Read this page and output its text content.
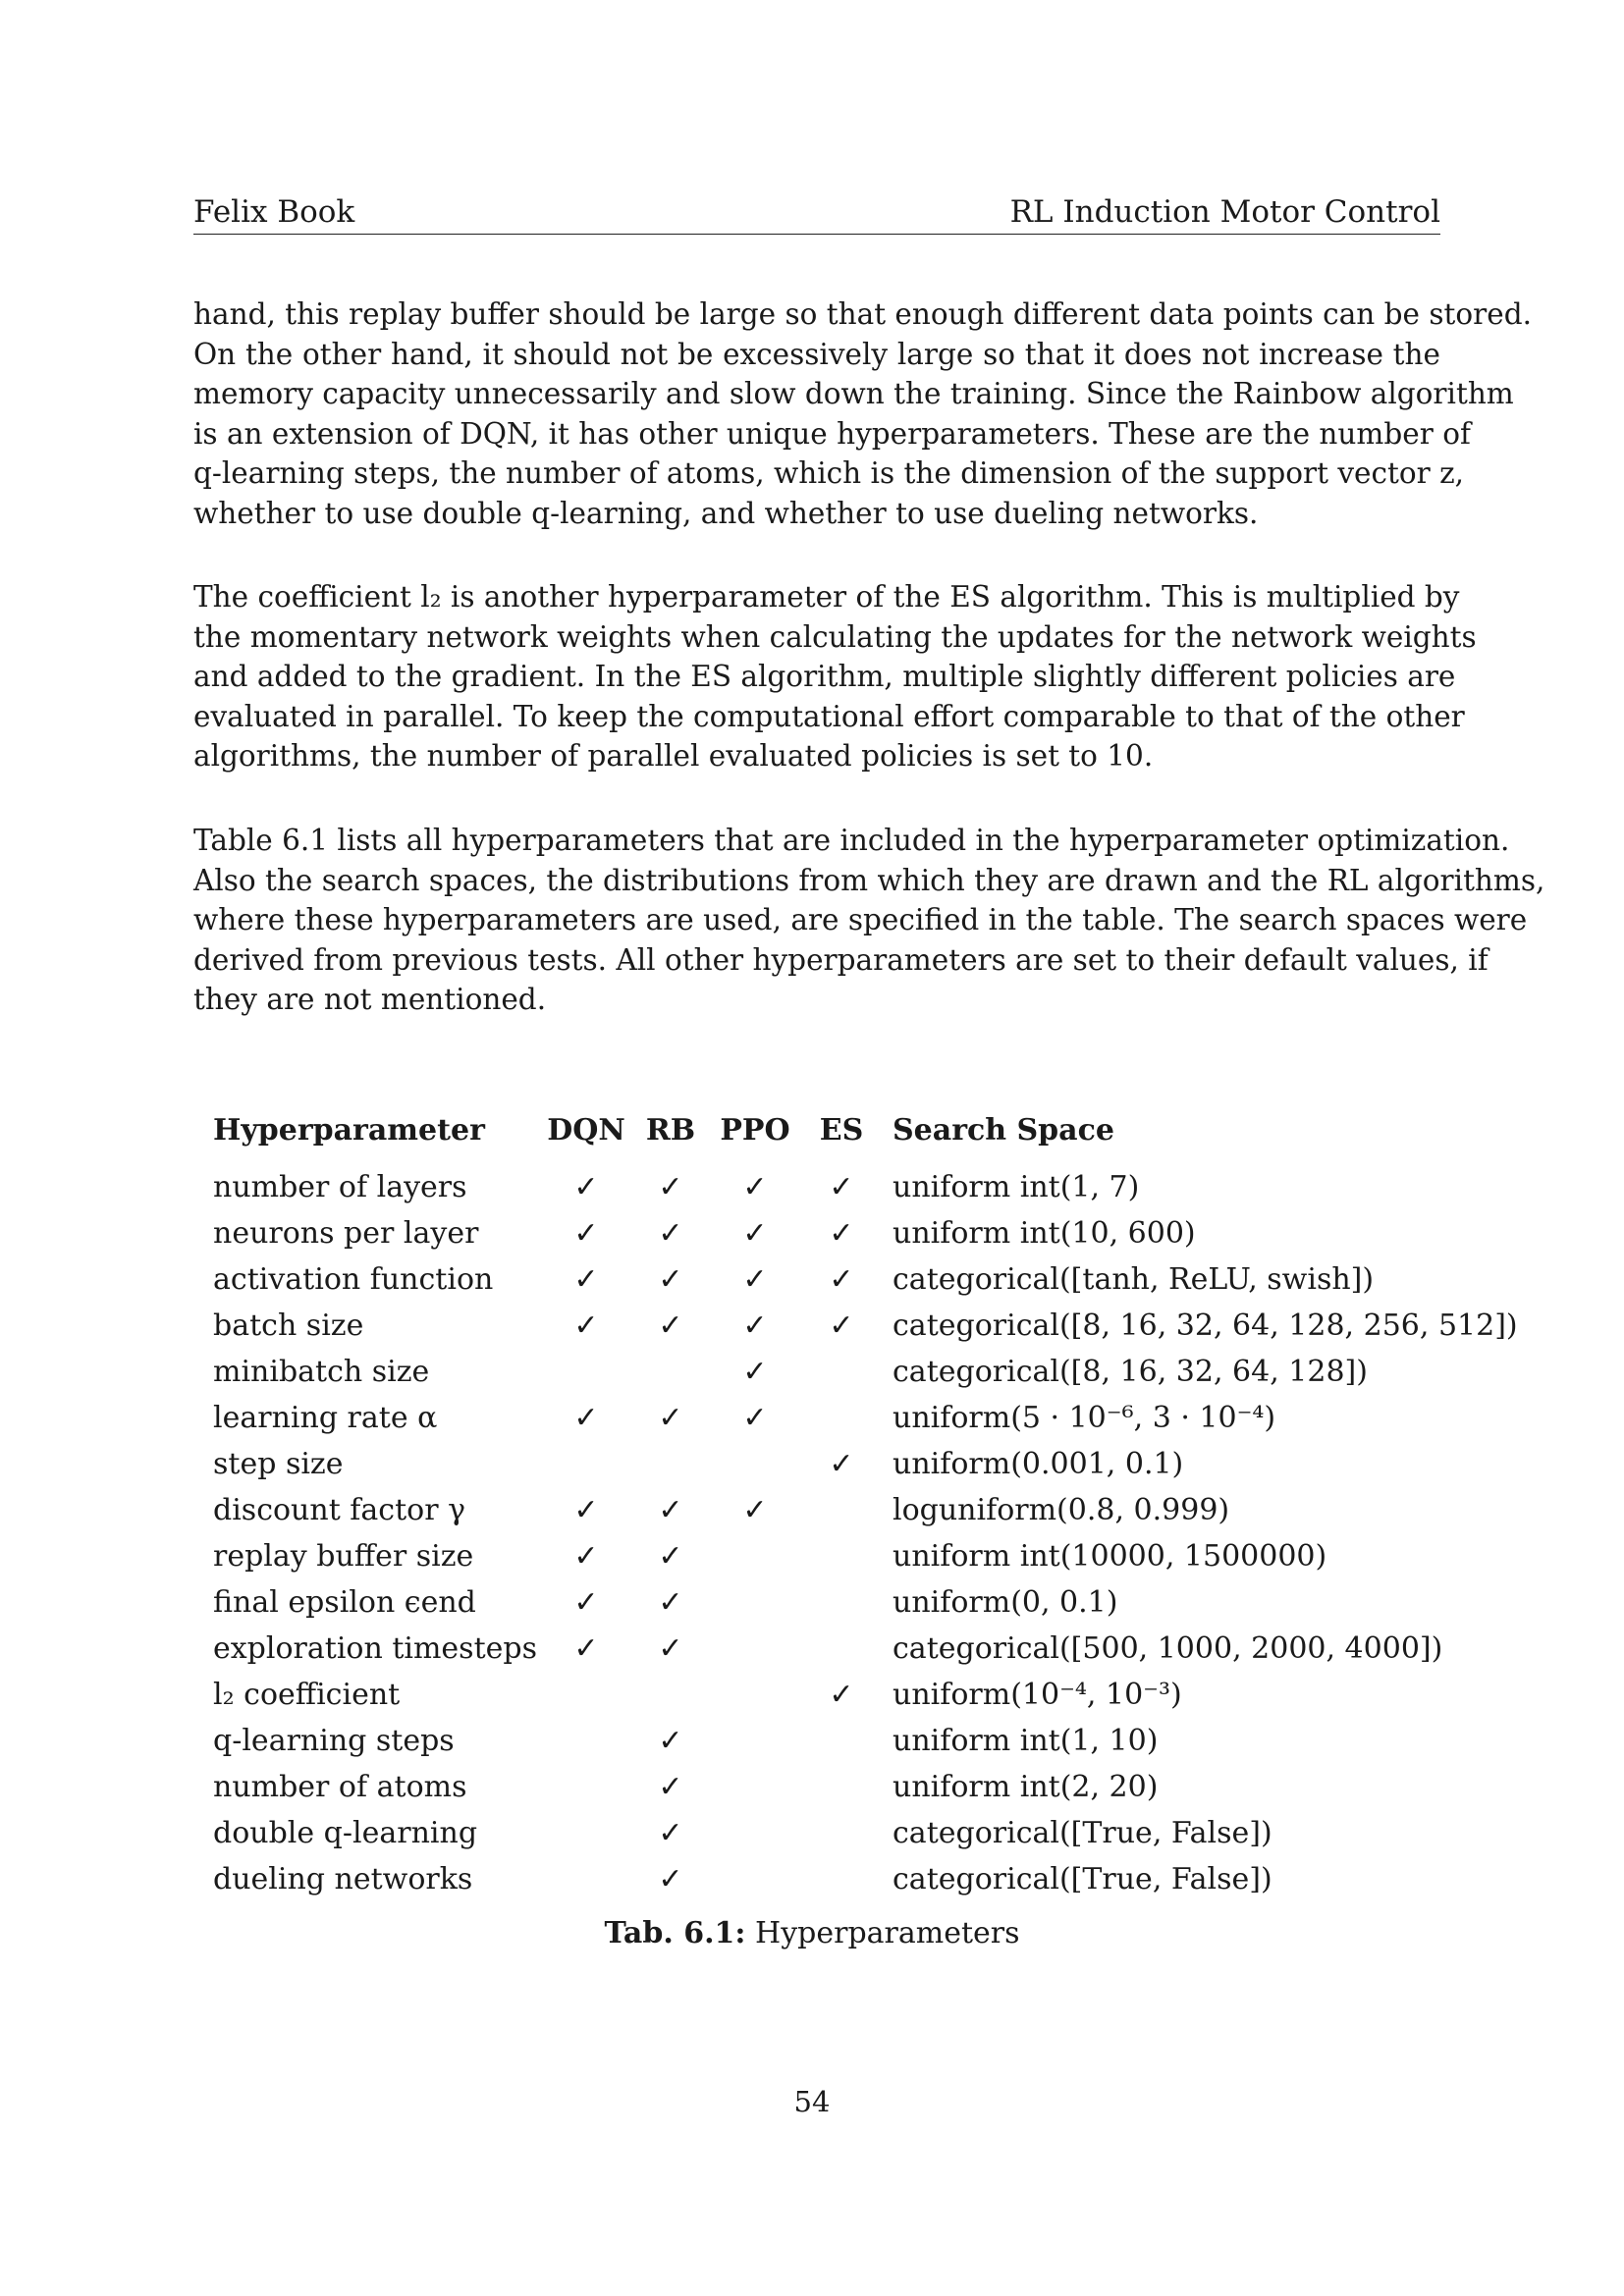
Felix Book	RL Induction Motor Control
hand, this replay buffer should be large so that enough different data points can be stored.
On the other hand, it should not be excessively large so that it does not increase the
memory capacity unnecessarily and slow down the training. Since the Rainbow algorithm
is an extension of DQN, it has other unique hyperparameters. These are the number of
q-learning steps, the number of atoms, which is the dimension of the support vector z,
whether to use double q-learning, and whether to use dueling networks.
The coefficient l₂ is another hyperparameter of the ES algorithm. This is multiplied by
the momentary network weights when calculating the updates for the network weights
and added to the gradient. In the ES algorithm, multiple slightly different policies are
evaluated in parallel. To keep the computational effort comparable to that of the other
algorithms, the number of parallel evaluated policies is set to 10.
Table 6.1 lists all hyperparameters that are included in the hyperparameter optimization.
Also the search spaces, the distributions from which they are drawn and the RL algorithms,
where these hyperparameters are used, are specified in the table. The search spaces were
derived from previous tests. All other hyperparameters are set to their default values, if
they are not mentioned.
Hyperparameter	DQN	RB	PPO	ES	Search Space
number of layers	✓	✓	✓	✓	uniform int(1, 7)
neurons per layer	✓	✓	✓	✓	uniform int(10, 600)
activation function	✓	✓	✓	✓	categorical([tanh, ReLU, swish])
batch size	✓	✓	✓	✓	categorical([8, 16, 32, 64, 128, 256, 512])
minibatch size			✓		categorical([8, 16, 32, 64, 128])
learning rate α	✓	✓	✓		uniform(5 · 10⁻⁶, 3 · 10⁻⁴)
step size				✓	uniform(0.001, 0.1)
discount factor γ	✓	✓	✓		loguniform(0.8, 0.999)
replay buffer size	✓	✓			uniform int(10000, 1500000)
final epsilon ϵend	✓	✓			uniform(0, 0.1)
exploration timesteps	✓	✓			categorical([500, 1000, 2000, 4000])
l₂ coefficient				✓	uniform(10⁻⁴, 10⁻³)
q-learning steps		✓			uniform int(1, 10)
number of atoms		✓			uniform int(2, 20)
double q-learning		✓			categorical([True, False])
dueling networks		✓			categorical([True, False])
Tab. 6.1: Hyperparameters
54
